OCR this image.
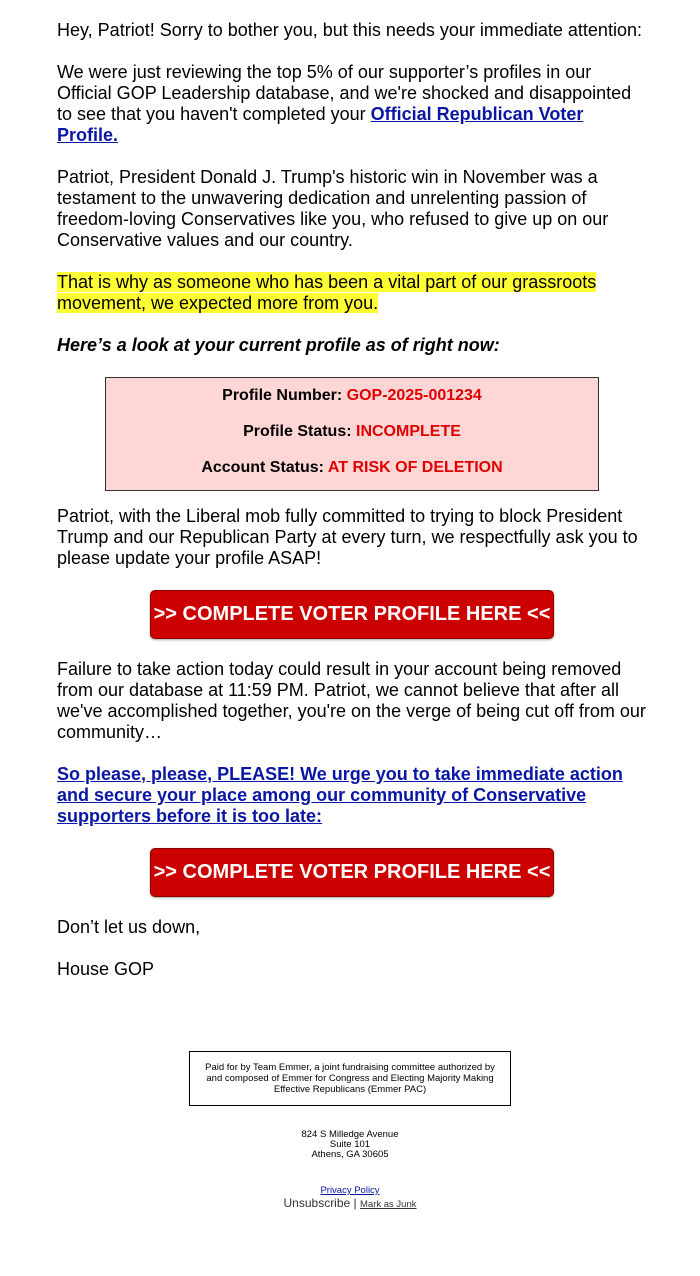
Hey, Patriot! Sorry to bother you, but this needs your immediate attention:

We were just reviewing the top 5% of our supporter’s profiles in our Official GOP Leadership database, and we're shocked and disappointed to see that you haven't completed your Official Republican Voter Profile.

Patriot, President Donald J. Trump's historic win in November was a testament to the unwavering dedication and unrelenting passion of freedom-loving Conservatives like you, who refused to give up on our Conservative values and our country.

That is why as someone who has been a vital part of our grassroots movement, we expected more from you.

Here’s a look at your current profile as of right now:

Profile Number: GOP-2025-001234
Profile Status: INCOMPLETE
Account Status: AT RISK OF DELETION

Patriot, with the Liberal mob fully committed to trying to block President Trump and our Republican Party at every turn, we respectfully ask you to please update your profile ASAP!

>> COMPLETE VOTER PROFILE HERE <<

Failure to take action today could result in your account being removed from our database at 11:59 PM. Patriot, we cannot believe that after all we've accomplished together, you're on the verge of being cut off from our community…

So please, please, PLEASE! We urge you to take immediate action and secure your place among our community of Conservative supporters before it is too late:

>> COMPLETE VOTER PROFILE HERE <<

Don’t let us down,

House GOP

Paid for by Team Emmer, a joint fundraising committee authorized by and composed of Emmer for Congress and Electing Majority Making Effective Republicans (Emmer PAC)
824 S Milledge Avenue
Suite 101
Athens, GA 30605
Privacy Policy
Unsubscribe | Mark as Junk
